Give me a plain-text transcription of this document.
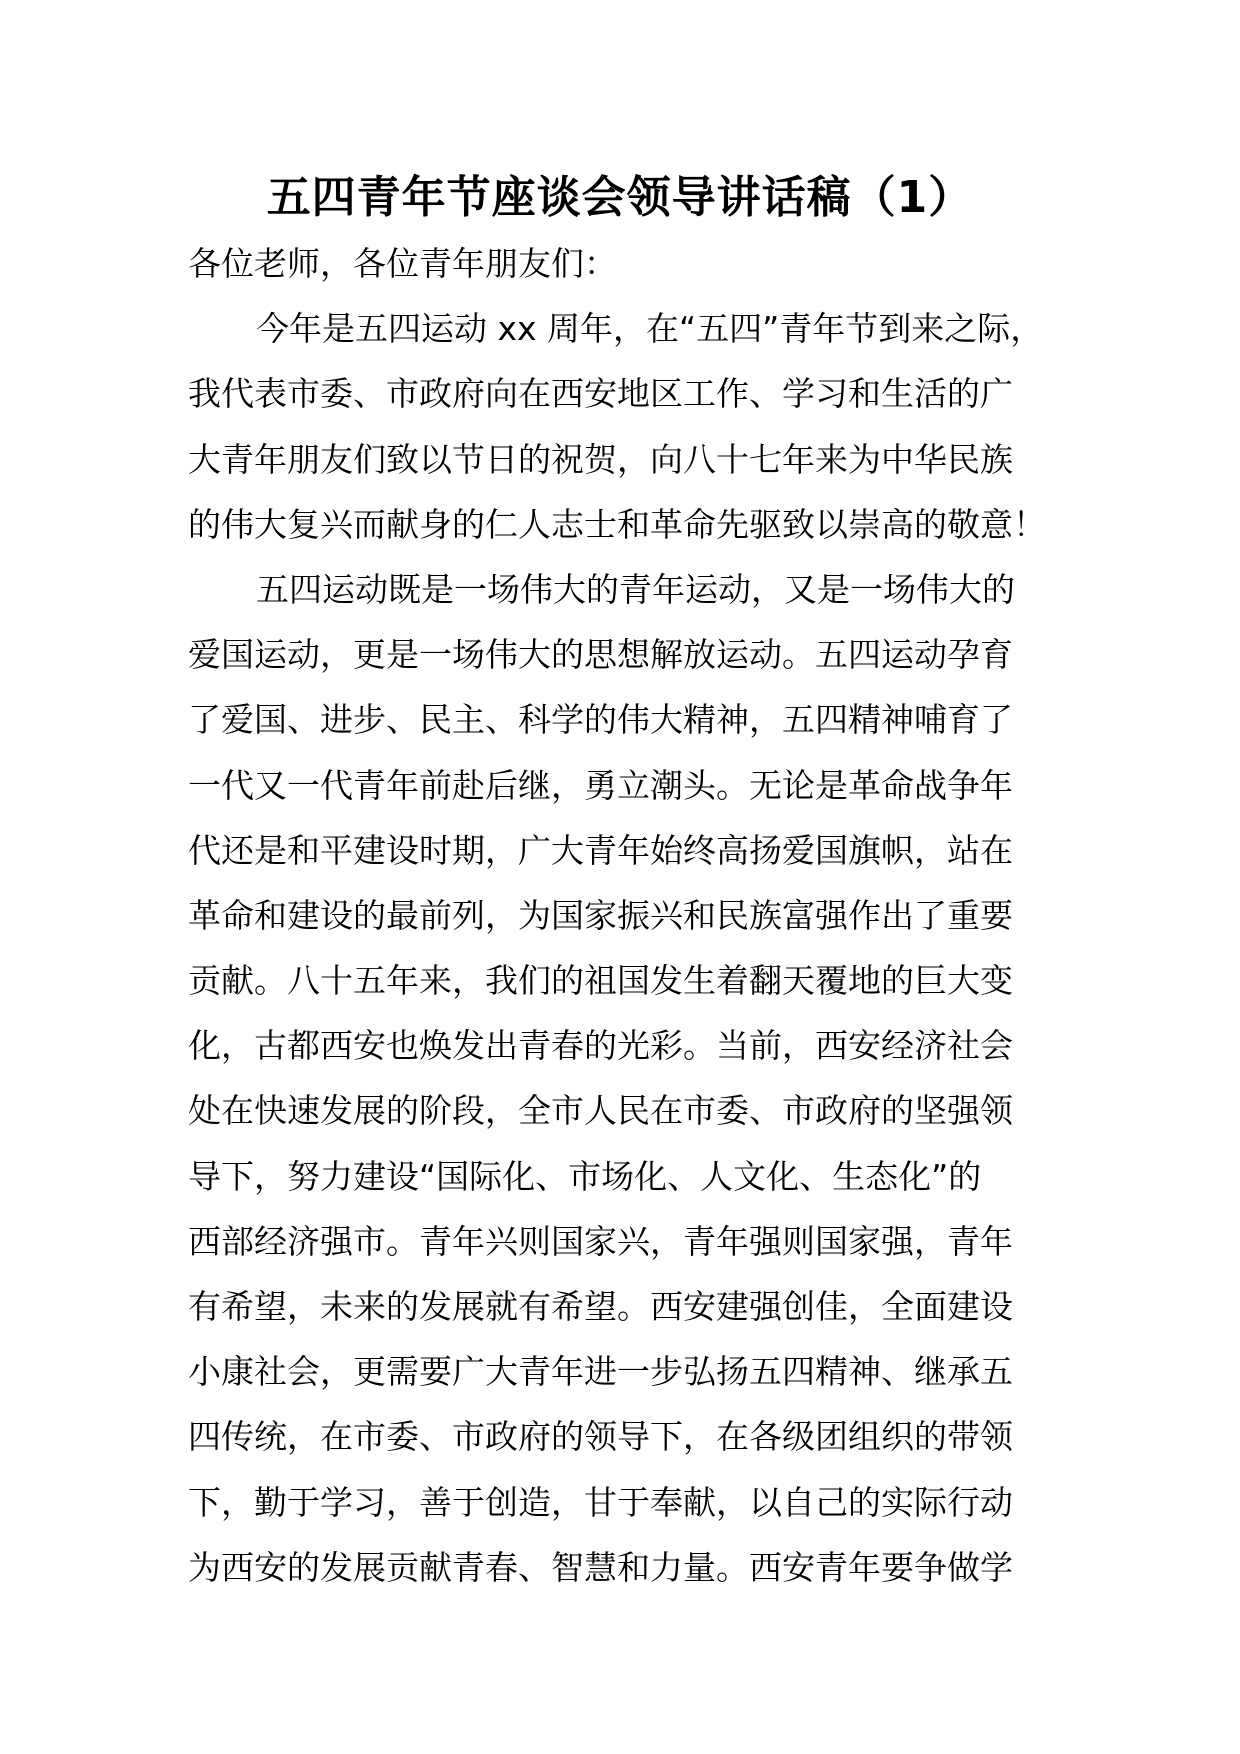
五四青年节座谈会领导讲话稿（1）
各位老师，各位青年朋友们：
今年是五四运动 xx 周年，在“五四”青年节到来之际，
我代表市委、市政府向在西安地区工作、学习和生活的广
大青年朋友们致以节日的祝贺，向八十七年来为中华民族
的伟大复兴而献身的仁人志士和革命先驱致以崇高的敬意！
五四运动既是一场伟大的青年运动，又是一场伟大的
爱国运动，更是一场伟大的思想解放运动。五四运动孕育
了爱国、进步、民主、科学的伟大精神，五四精神哺育了
一代又一代青年前赴后继，勇立潮头。无论是革命战争年
代还是和平建设时期，广大青年始终高扬爱国旗帜，站在
革命和建设的最前列，为国家振兴和民族富强作出了重要
贡献。八十五年来，我们的祖国发生着翻天覆地的巨大变
化，古都西安也焕发出青春的光彩。当前，西安经济社会
处在快速发展的阶段，全市人民在市委、市政府的坚强领
导下，努力建设“国际化、市场化、人文化、生态化”的
西部经济强市。青年兴则国家兴，青年强则国家强，青年
有希望，未来的发展就有希望。西安建强创佳，全面建设
小康社会，更需要广大青年进一步弘扬五四精神、继承五
四传统，在市委、市政府的领导下，在各级团组织的带领
下，勤于学习，善于创造，甘于奉献，以自己的实际行动
为西安的发展贡献青春、智慧和力量。西安青年要争做学
